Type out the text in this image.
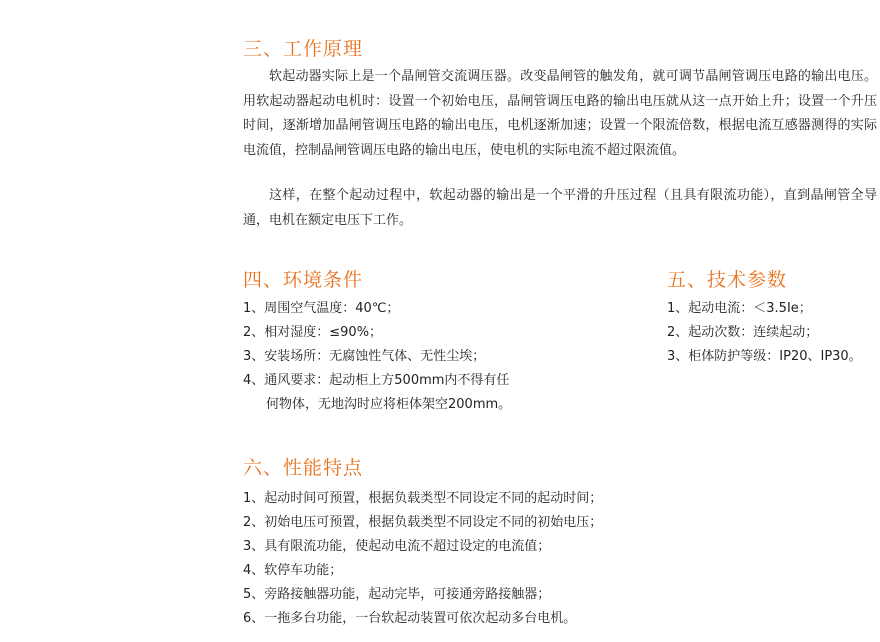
三、工作原理

软起动器实际上是一个晶闸管交流调压器。改变晶闸管的触发角，就可调节晶闸管调压电路的输出电压。用软起动器起动电机时：设置一个初始电压，晶闸管调压电路的输出电压就从这一点开始上升；设置一个升压时间，逐渐增加晶闸管调压电路的输出电压，电机逐渐加速；设置一个限流倍数，根据电流互感器测得的实际电流值，控制晶闸管调压电路的输出电压，使电机的实际电流不超过限流值。

这样，在整个起动过程中，软起动器的输出是一个平滑的升压过程（且具有限流功能），直到晶闸管全导通，电机在额定电压下工作。

四、环境条件
1、周围空气温度：40℃；
2、相对湿度：≤90%；
3、安装场所：无腐蚀性气体、无性尘埃；
4、通风要求：起动柜上方500mm内不得有任
何物体，无地沟时应将柜体架空200mm。
五、技术参数
1、起动电流：＜3.5Ie；
2、起动次数：连续起动；
3、柜体防护等级：IP20、IP30。
六、性能特点
1、起动时间可预置，根据负载类型不同设定不同的起动时间；
2、初始电压可预置，根据负载类型不同设定不同的初始电压；
3、具有限流功能，使起动电流不超过设定的电流值；
4、软停车功能；
5、旁路接触器功能，起动完毕，可接通旁路接触器；
6、一拖多台功能，一台软起动装置可依次起动多台电机。
